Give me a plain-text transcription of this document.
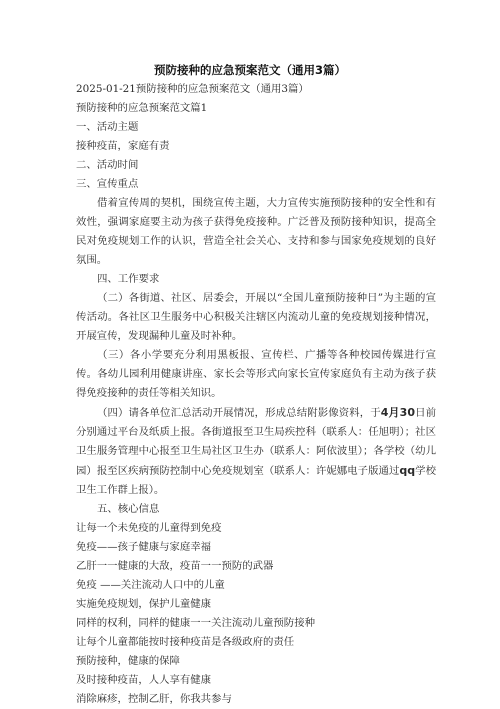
预防接种的应急预案范文（通用3篇）

2025-01-21预防接种的应急预案范文（通用3篇）

预防接种的应急预案范文篇1

一、活动主题

接种疫苗，家庭有责

二、活动时间

三、宣传重点

借着宣传周的契机，围绕宣传主题，大力宣传实施预防接种的安全性和有效性，强调家庭要主动为孩子获得免疫接种。广泛普及预防接种知识，提高全民对免疫规划工作的认识，营造全社会关心、支持和参与国家免疫规划的良好氛围。

四、工作要求

（二）各街道、社区、居委会，开展以“全国儿童预防接种日”为主题的宣传活动。各社区卫生服务中心积极关注辖区内流动儿童的免疫规划接种情况，开展宣传，发现漏种儿童及时补种。

（三）各小学要充分利用黑板报、宣传栏、广播等各种校园传媒进行宣传。各幼儿园利用健康讲座、家长会等形式向家长宣传家庭负有主动为孩子获得免疫接种的责任等相关知识。

（四）请各单位汇总活动开展情况，形成总结附影像资料，于4月30日前分别通过平台及纸质上报。各街道报至卫生局疾控科（联系人：任旭明）；社区卫生服务管理中心报至卫生局社区卫生办（联系人：阿依波里）；各学校（幼儿园）报至区疾病预防控制中心免疫规划室（联系人：许妮娜电子版通过qq学校卫生工作群上报）。

五、核心信息

让每一个未免疫的儿童得到免疫

免疫——孩子健康与家庭幸福

乙肝一一健康的大敌，疫苗一一预防的武器

免疫 ——关注流动人口中的儿童

实施免疫规划，保护儿童健康

同样的权利，同样的健康一一关注流动儿童预防接种

让每个儿童都能按时接种疫苗是各级政府的责任

预防接种，健康的保障

及时接种疫苗，人人享有健康

消除麻疹，控制乙肝，你我共参与
